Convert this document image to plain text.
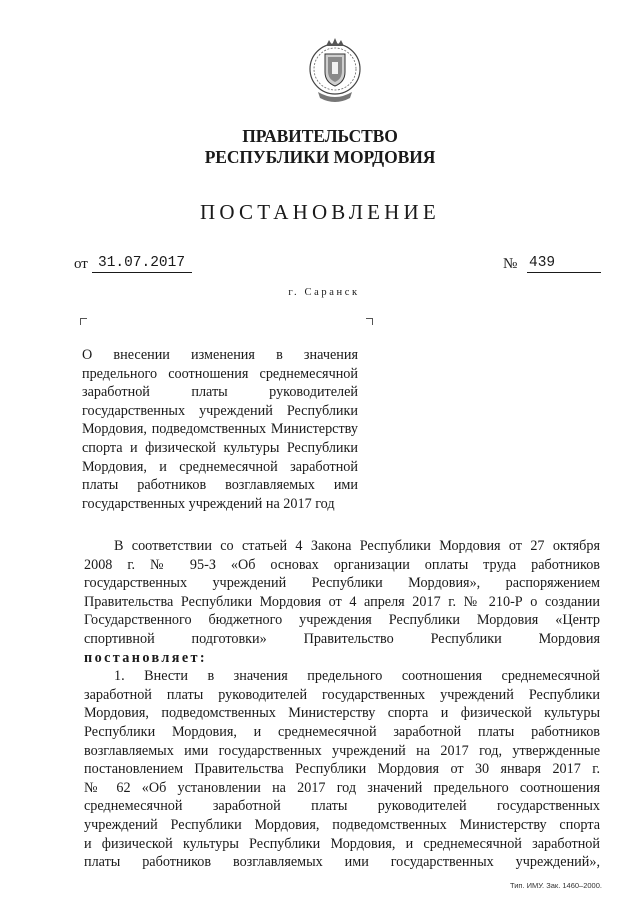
ПРАВИТЕЛЬСТВО
РЕСПУБЛИКИ МОРДОВИЯ
ПОСТАНОВЛЕНИЕ
от 31.07.2017	№ 439
г. Саранск
О внесении изменения в значения предельного соотношения среднемесячной заработной платы руководителей государственных учреждений Республики Мордовия, подведомственных Министерству спорта и физической культуры Республики Мордовия, и среднемесячной заработной платы работников возглавляемых ими государственных учреждений на 2017 год
В соответствии со статьей 4 Закона Республики Мордовия от 27 октября
2008 г. № 95-З «Об основах организации оплаты труда работников
государственных учреждений Республики Мордовия», распоряжением
Правительства Республики Мордовия от 4 апреля 2017 г. № 210-Р о создании
Государственного бюджетного учреждения Республики Мордовия «Центр
спортивной подготовки» Правительство Республики Мордовия
постановляет:
1. Внести в значения предельного соотношения среднемесячной
заработной платы руководителей государственных учреждений Республики
Мордовия, подведомственных Министерству спорта и физической культуры
Республики Мордовия, и среднемесячной заработной платы работников
возглавляемых ими государственных учреждений на 2017 год, утвержденные
постановлением Правительства Республики Мордовия от 30 января 2017 г.
№ 62 «Об установлении на 2017 год значений предельного соотношения
среднемесячной заработной платы руководителей государственных
учреждений Республики Мордовия, подведомственных Министерству спорта
и физической культуры Республики Мордовия, и среднемесячной заработной
платы работников возглавляемых ими государственных учреждений»,
Тип. ИМУ. Зак. 1460–2000.
